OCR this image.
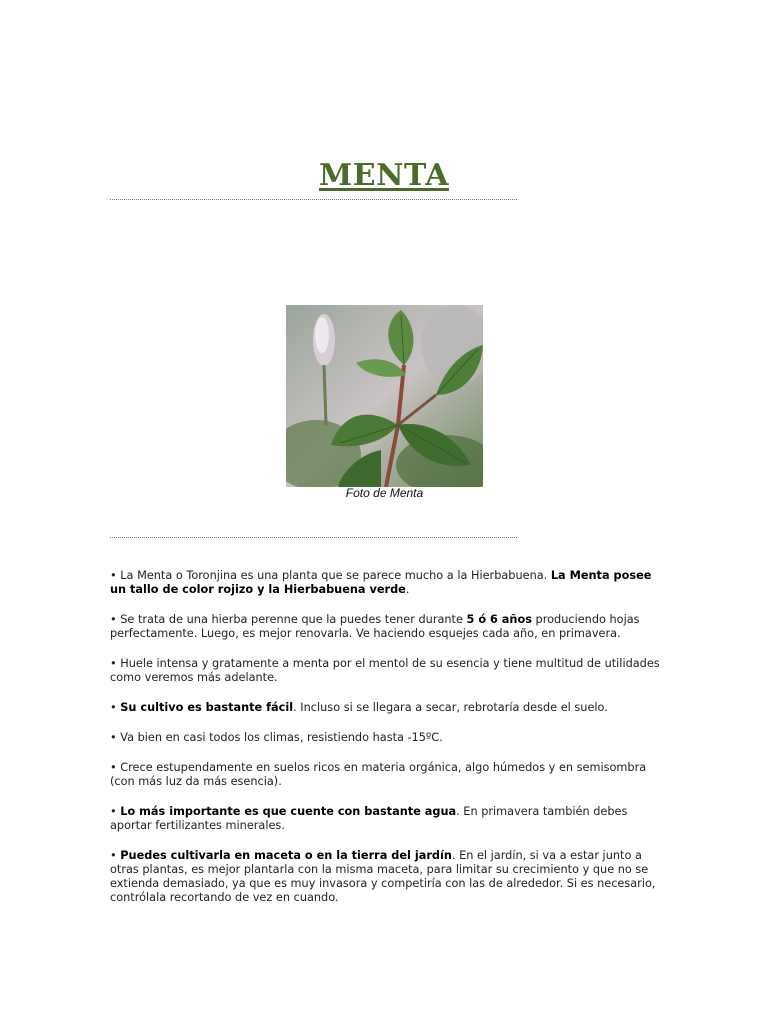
MENTA
Foto de Menta

• La Menta o Toronjina es una planta que se parece mucho a la Hierbabuena. La Menta posee un tallo de color rojizo y la Hierbabuena verde.

• Se trata de una hierba perenne que la puedes tener durante 5 ó 6 años produciendo hojas perfectamente. Luego, es mejor renovarla. Ve haciendo esquejes cada año, en primavera.

• Huele intensa y gratamente a menta por el mentol de su esencia y tiene multitud de utilidades como veremos más adelante.

• Su cultivo es bastante fácil. Incluso si se llegara a secar, rebrotaría desde el suelo.

• Va bien en casi todos los climas, resistiendo hasta -15ºC.

• Crece estupendamente en suelos ricos en materia orgánica, algo húmedos y en semisombra (con más luz da más esencia).

• Lo más importante es que cuente con bastante agua. En primavera también debes aportar fertilizantes minerales.

• Puedes cultivarla en maceta o en la tierra del jardín. En el jardín, si va a estar junto a otras plantas, es mejor plantarla con la misma maceta, para limitar su crecimiento y que no se extienda demasiado, ya que es muy invasora y competiría con las de alrededor. Si es necesario, contrólala recortando de vez en cuando.
